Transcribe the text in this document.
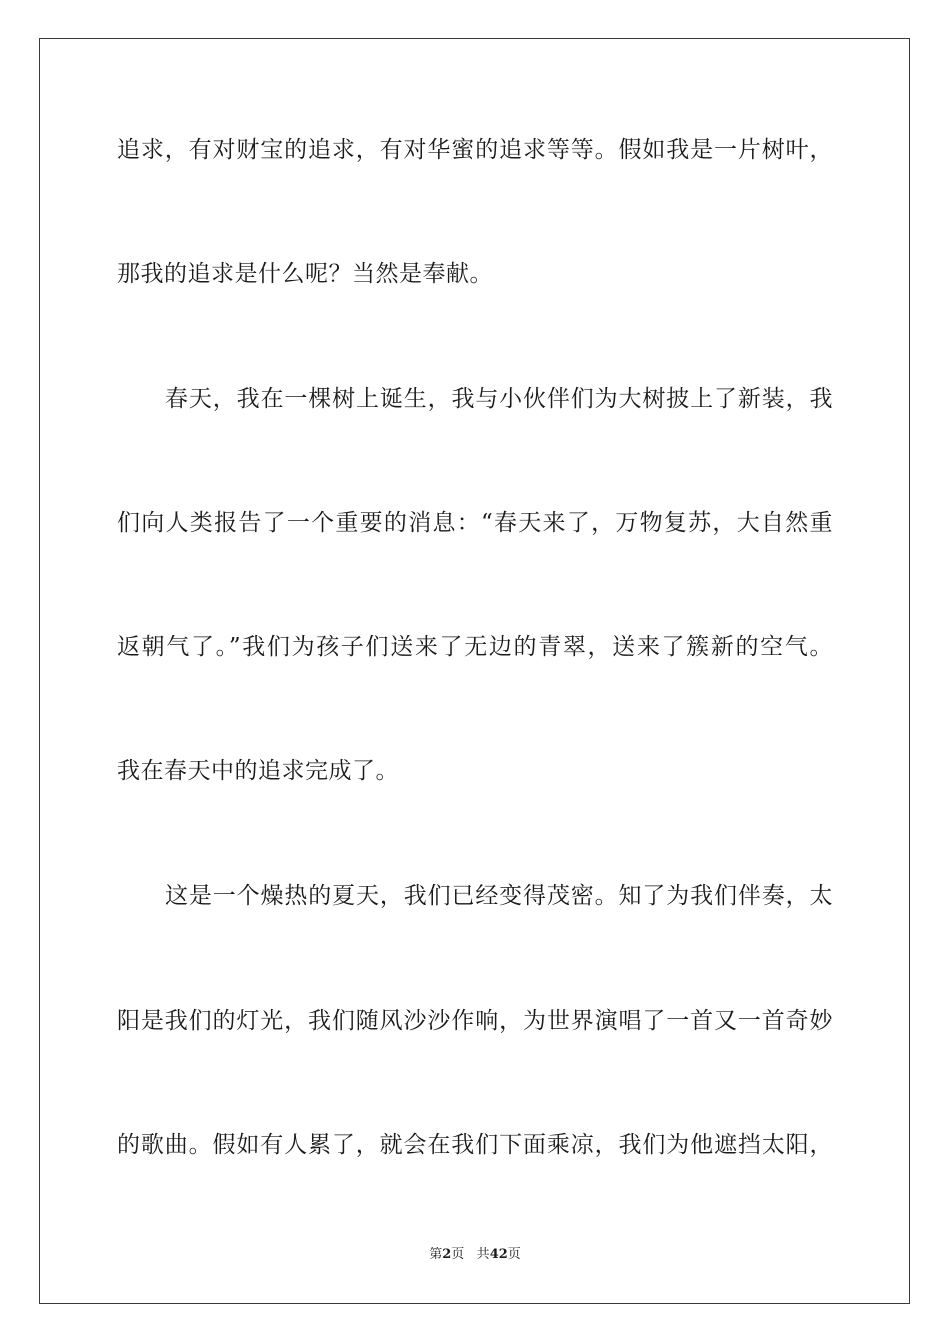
追求，有对财宝的追求，有对华蜜的追求等等。假如我是一片树叶，
那我的追求是什么呢？当然是奉献。
春天，我在一棵树上诞生，我与小伙伴们为大树披上了新装，我
们向人类报告了一个重要的消息：“春天来了，万物复苏，大自然重
返朝气了。”我们为孩子们送来了无边的青翠，送来了簇新的空气。
我在春天中的追求完成了。
这是一个燥热的夏天，我们已经变得茂密。知了为我们伴奏，太
阳是我们的灯光，我们随风沙沙作响，为世界演唱了一首又一首奇妙
的歌曲。假如有人累了，就会在我们下面乘凉，我们为他遮挡太阳，
第2页 共42页
